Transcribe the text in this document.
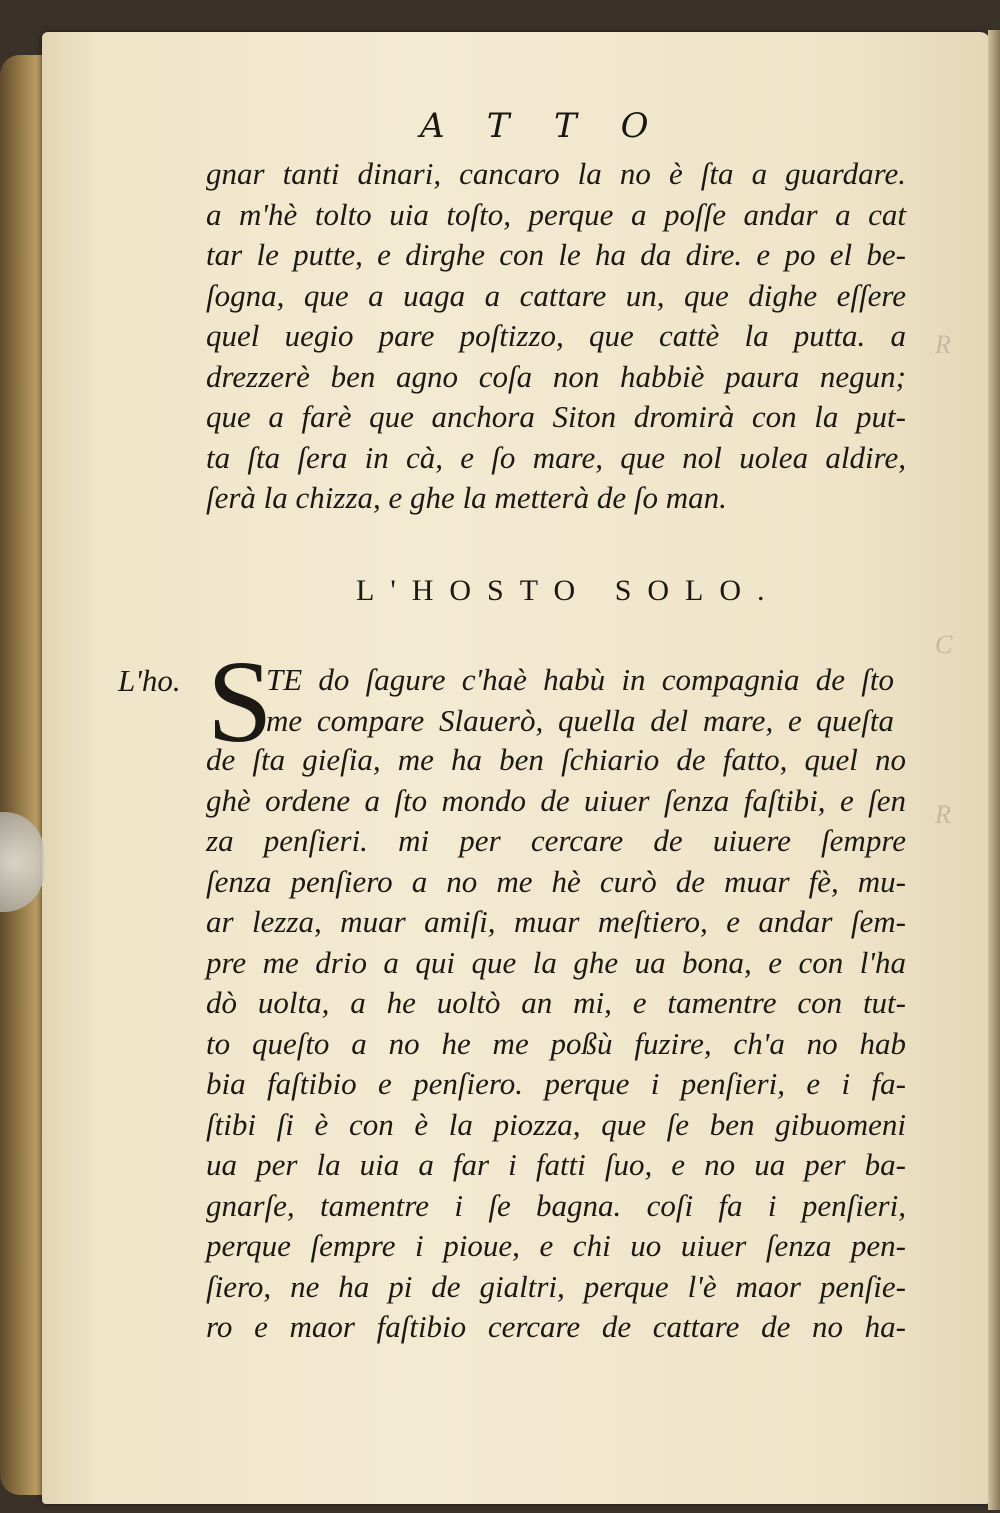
R
C
R
ATTO
gnar tanti dinari, cancaro la no è ſta a guardare.
a m'hè tolto uia toſto, perque a poſſe andar a cat
tar le putte, e dirghe con le ha da dire. e po el be-
ſogna, que a uaga a cattare un, que dighe eſſere
quel uegio pare poſtizzo, que cattè la putta. a
drezzerè ben agno coſa non habbiè paura negun;
que a farè que anchora Siton dromirà con la put-
ta ſta ſera in cà, e ſo mare, que nol uolea aldire,
ſerà la chizza, e ghe la metterà de ſo man.
L'HOSTO SOLO.
L'ho. S
TE do ſagure c'haè habù in compagnia de ſto
me compare Slauerò, quella del mare, e queſta
de ſta gieſia, me ha ben ſchiario de fatto, quel no
ghè ordene a ſto mondo de uiuer ſenza faſtibi, e ſen
za penſieri. mi per cercare de uiuere ſempre
ſenza penſiero a no me hè curò de muar fè, mu-
ar lezza, muar amiſi, muar meſtiero, e andar ſem-
pre me drio a qui que la ghe ua bona, e con l'ha
dò uolta, a he uoltò an mi, e tamentre con tut-
to queſto a no he me poßù fuzire, ch'a no hab
bia faſtibio e penſiero. perque i penſieri, e i fa-
ſtibi ſi è con è la piozza, que ſe ben gibuomeni
ua per la uia a far i fatti ſuo, e no ua per ba-
gnarſe, tamentre i ſe bagna. coſi fa i penſieri,
perque ſempre i pioue, e chi uo uiuer ſenza pen-
ſiero, ne ha pi de gialtri, perque l'è maor penſie-
ro e maor faſtibio cercare de cattare de no ha-
